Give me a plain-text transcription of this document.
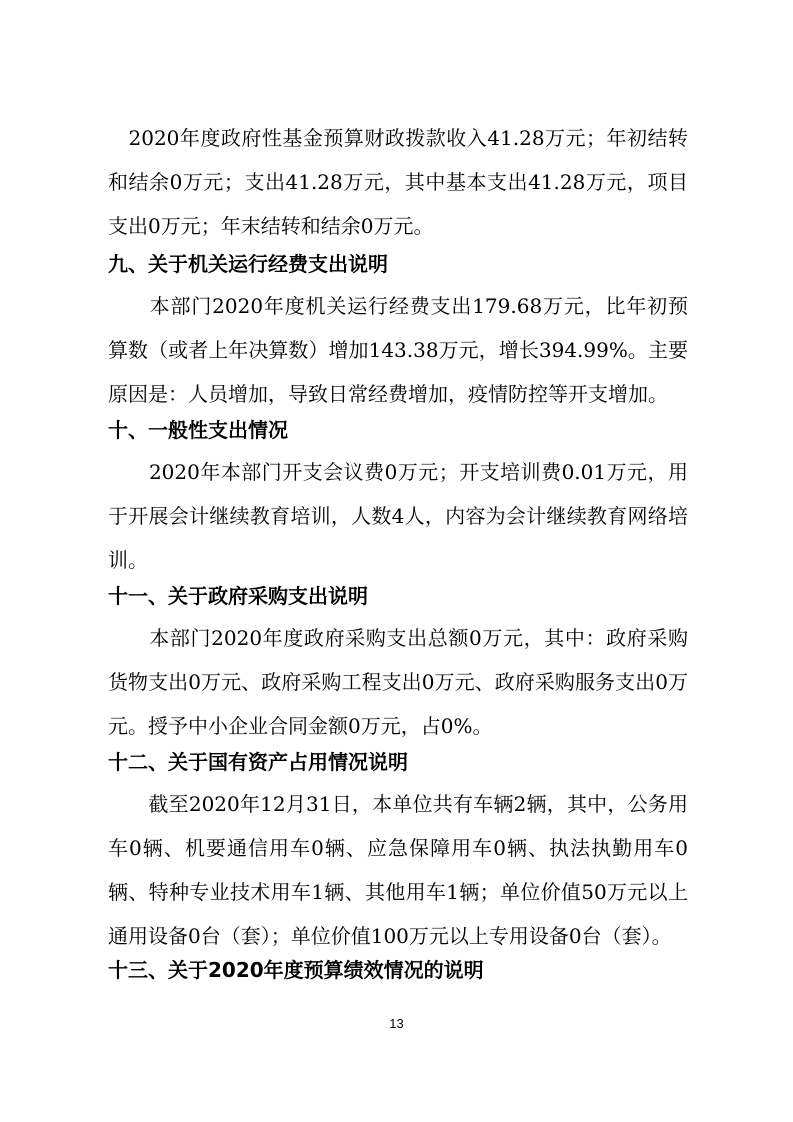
　2020年度政府性基金预算财政拨款收入41.28万元；年初结转和结余0万元；支出41.28万元，其中基本支出41.28万元，项目支出0万元；年末结转和结余0万元。
九、关于机关运行经费支出说明
　　本部门2020年度机关运行经费支出179.68万元，比年初预算数（或者上年决算数）增加143.38万元，增长394.99%。主要原因是：人员增加，导致日常经费增加，疫情防控等开支增加。
十、一般性支出情况
　　2020年本部门开支会议费0万元；开支培训费0.01万元，用于开展会计继续教育培训，人数4人，内容为会计继续教育网络培训。
十一、关于政府采购支出说明
　　本部门2020年度政府采购支出总额0万元，其中：政府采购货物支出0万元、政府采购工程支出0万元、政府采购服务支出0万元。授予中小企业合同金额0万元，占0%。
十二、关于国有资产占用情况说明
　　截至2020年12月31日，本单位共有车辆2辆，其中，公务用车0辆、机要通信用车0辆、应急保障用车0辆、执法执勤用车0辆、特种专业技术用车1辆、其他用车1辆；单位价值50万元以上通用设备0台（套）；单位价值100万元以上专用设备0台（套）。
十三、关于2020年度预算绩效情况的说明
13
